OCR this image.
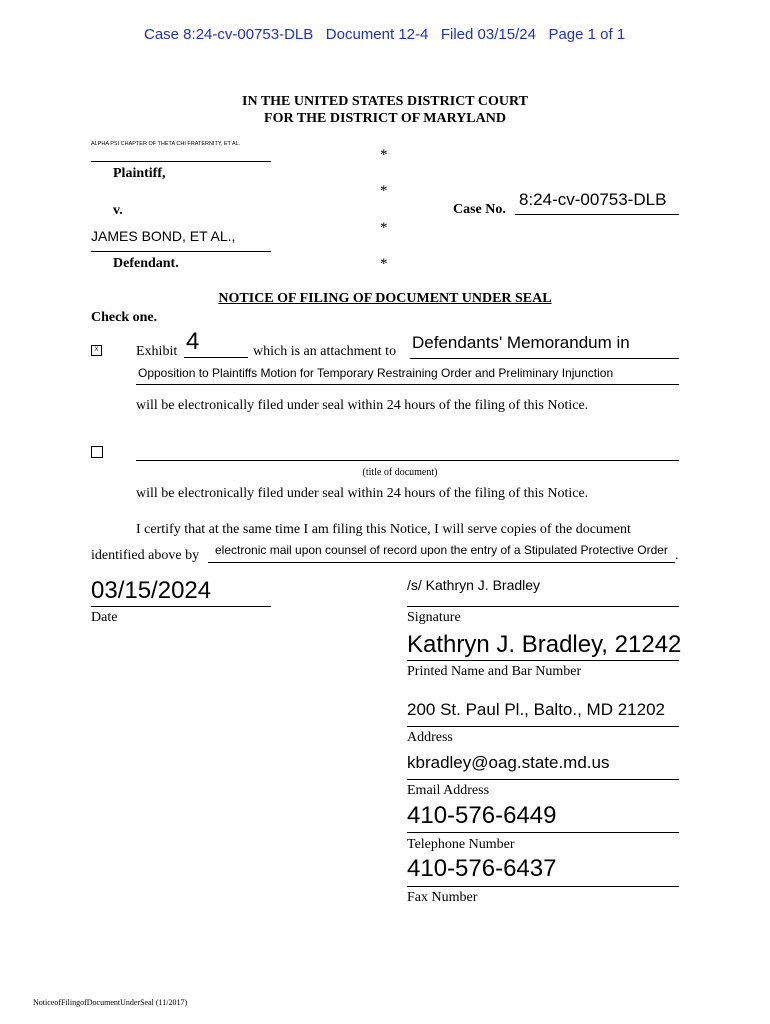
Case 8:24-cv-00753-DLB Document 12-4 Filed 03/15/24 Page 1 of 1
IN THE UNITED STATES DISTRICT COURT
FOR THE DISTRICT OF MARYLAND
ALPHA PSI CHAPTER OF THETA CHI FRATERNITY, ET AL.
Plaintiff,
v.
JAMES BOND, ET AL.,
Defendant.
*
*
*
*
Case No.
8:24-cv-00753-DLB
NOTICE OF FILING OF DOCUMENT UNDER SEAL
Check one.
X	Exhibit 4	which is an attachment to Defendants' Memorandum in
Opposition to Plaintiffs Motion for Temporary Restraining Order and Preliminary Injunction
will be electronically filed under seal within 24 hours of the filing of this Notice.
(title of document)
will be electronically filed under seal within 24 hours of the filing of this Notice.
I certify that at the same time I am filing this Notice, I will serve copies of the document
identified above by electronic mail upon counsel of record upon the entry of a Stipulated Protective Order .
03/15/2024
Date
/s/ Kathryn J. Bradley
Signature
Kathryn J. Bradley, 21242
Printed Name and Bar Number
200 St. Paul Pl., Balto., MD 21202
Address
kbradley@oag.state.md.us
Email Address
410-576-6449
Telephone Number
410-576-6437
Fax Number
NoticeofFilingofDocumentUnderSeal (11/2017)
